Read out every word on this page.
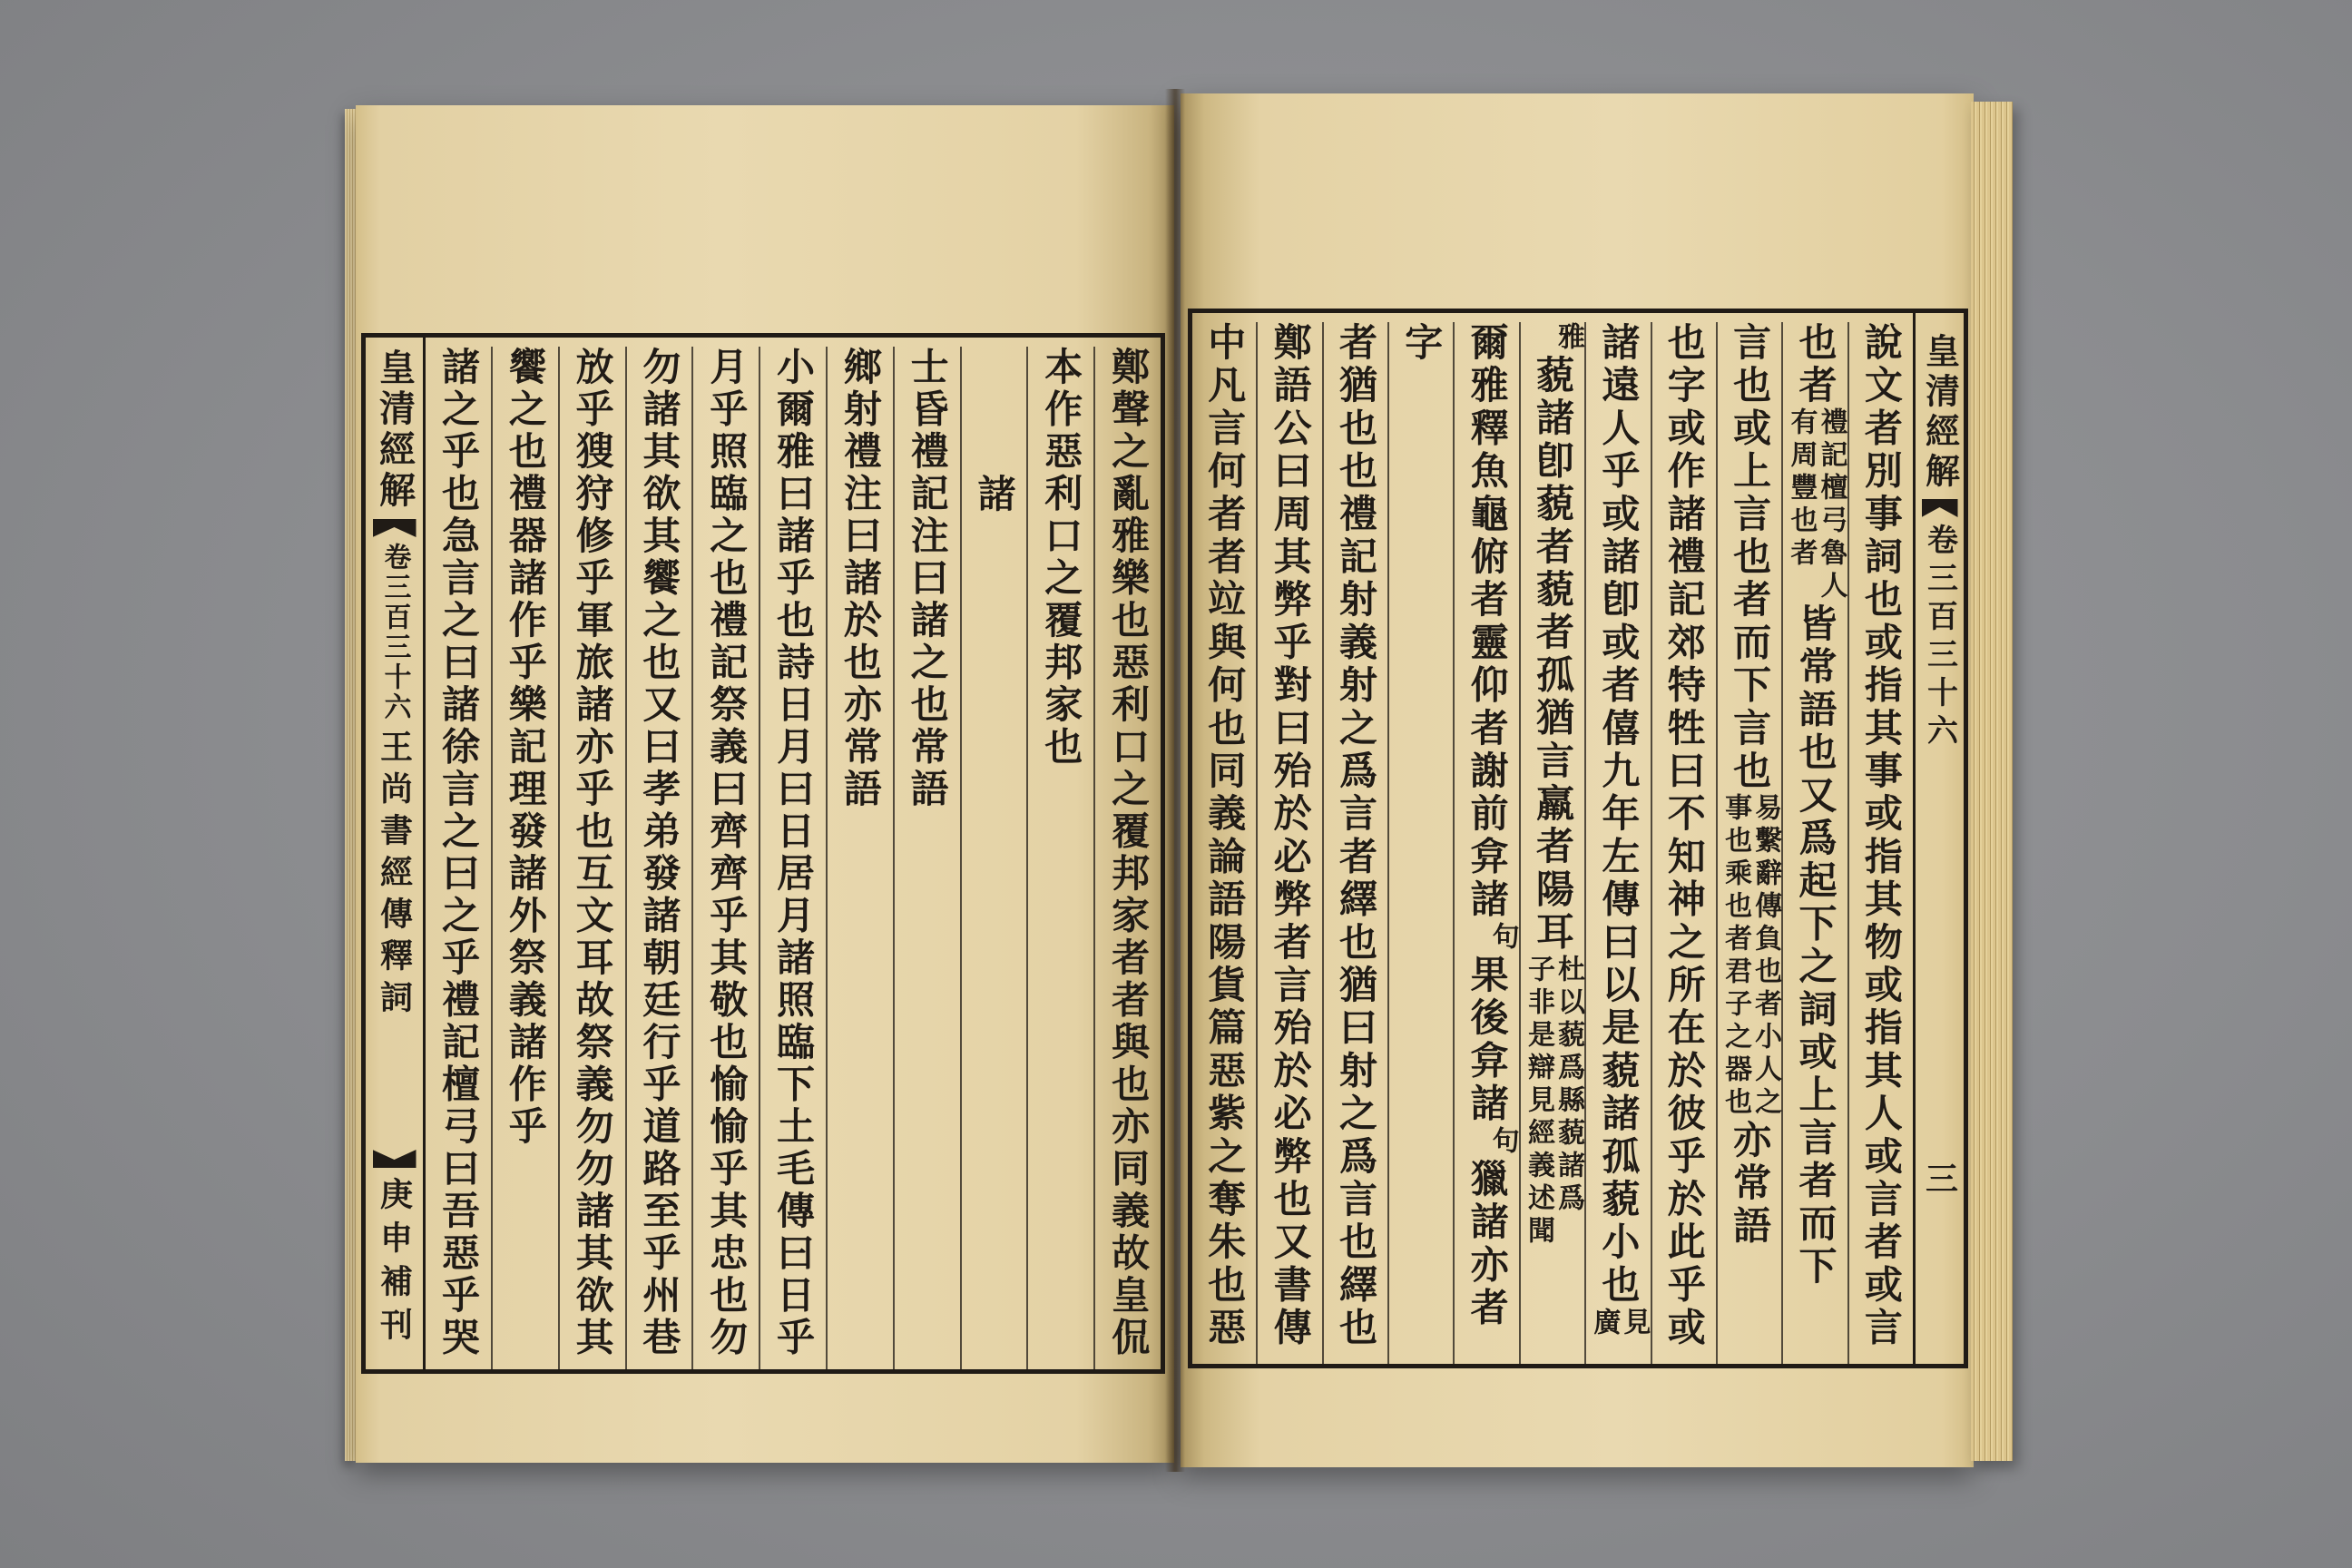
皇清經解
卷三百三十六
王尚書經傳釋詞
庚申補刊	鄭聲之亂雅樂也惡利口之覆邦家者者與也亦同義故皇侃
本作惡利口之覆邦家也
諸
士昏禮記注曰諸之也常語
鄉射禮注曰諸於也亦常語
小爾雅曰諸乎也詩日月曰日居月諸照臨下土毛傳曰日乎
月乎照臨之也禮記祭義曰齊齊乎其敬也愉愉乎其忠也勿
勿諸其欲其饗之也又曰孝弟發諸朝廷行乎道路至乎州巷
放乎獀狩修乎軍旅諸亦乎也互文耳故祭義勿勿諸其欲其
饗之也禮器諸作乎樂記理發諸外祭義諸作乎
諸之乎也急言之曰諸徐言之曰之乎禮記檀弓曰吾惡乎哭	說文者別事詞也或指其事或指其物或指其人或言者或言
也者
禮記檀弓魯人
有周豐也者
皆常語也又爲起下之詞或上言者而下
言也或上言也者而下言也
易繫辭傳負也者小人之
事也乘也者君子之器也
亦常語
也字或作諸禮記郊特牲曰不知神之所在於彼乎於此乎或
諸遠人乎或諸卽或者僖九年左傳曰以是藐諸孤藐小也
見
廣
雅
藐諸卽藐者藐者孤猶言羸者陽耳
杜以藐爲縣藐諸爲
子非是辯見經義述聞
爾雅釋魚龜俯者靈仰者謝前弇諸
句
果後弇諸
句
獵諸亦者
字
者猶也也禮記射義射之爲言者繹也猶曰射之爲言也繹也
鄭語公曰周其弊乎對曰殆於必弊者言殆於必弊也又書傳
中凡言何者者竝與何也同義論語陽貨篇惡紫之奪朱也惡	皇清經解
卷三百三十六
三
